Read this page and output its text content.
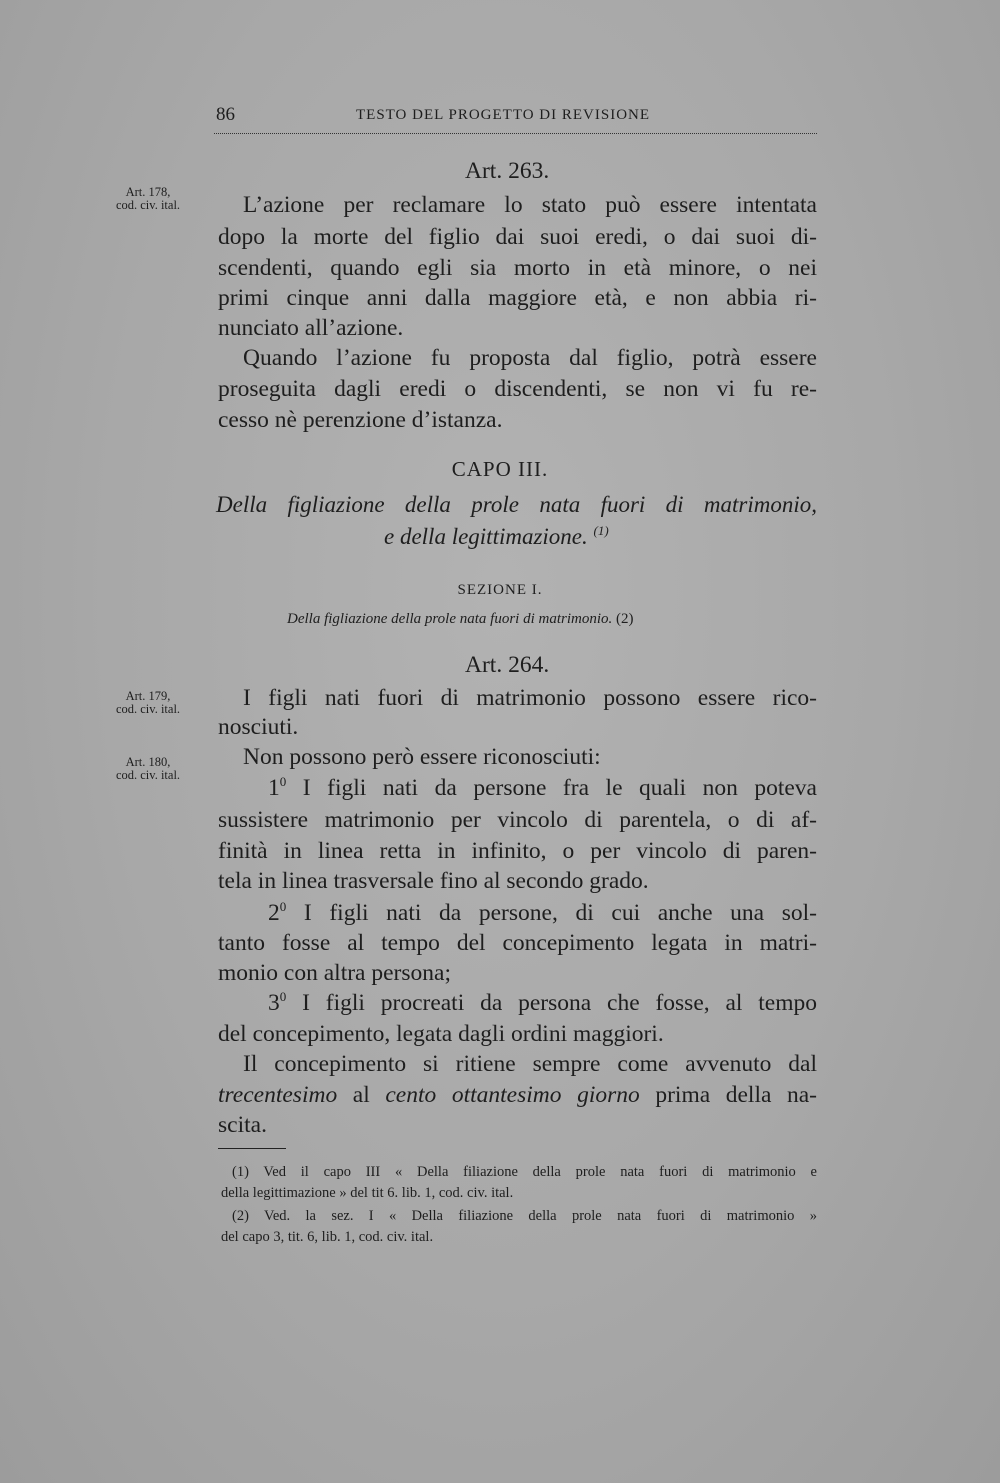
86	TESTO DEL PROGETTO DI REVISIONE
Art. 178,
cod. civ. ital.
Art. 179,
cod. civ. ital.
Art. 180,
cod. civ. ital.
Art. 263.
L’azione per reclamare lo stato può essere intentata
dopo la morte del figlio dai suoi eredi, o dai suoi di-
scendenti, quando egli sia morto in età minore, o nei
primi cinque anni dalla maggiore età, e non abbia ri-
nunciato all’azione.
Quando l’azione fu proposta dal figlio, potrà essere
proseguita dagli eredi o discendenti, se non vi fu re-
cesso nè perenzione d’istanza.
CAPO III.
Della figliazione della prole nata fuori di matrimonio,
e della legittimazione. $^{(1)}$
SEZIONE I.
Della figliazione della prole nata fuori di matrimonio. (2)
Art. 264.
I figli nati fuori di matrimonio possono essere rico-
nosciuti.
Non possono però essere riconosciuti:
$1^0$ I figli nati da persone fra le quali non poteva
sussistere matrimonio per vincolo di parentela, o di af-
finità in linea retta in infinito, o per vincolo di paren-
tela in linea trasversale fino al secondo grado.
$2^0$ I figli nati da persone, di cui anche una sol-
tanto fosse al tempo del concepimento legata in matri-
monio con altra persona;
$3^0$ I figli procreati da persona che fosse, al tempo
del concepimento, legata dagli ordini maggiori.
Il concepimento si ritiene sempre come avvenuto dal
trecentesimo al cento ottantesimo giorno prima della na-
scita.
(1) Ved il capo III « Della filiazione della prole nata fuori di matrimonio e
della legittimazione » del tit 6. lib. 1, cod. civ. ital.
(2) Ved. la sez. I « Della filiazione della prole nata fuori di matrimonio »
del capo 3, tit. 6, lib. 1, cod. civ. ital.
